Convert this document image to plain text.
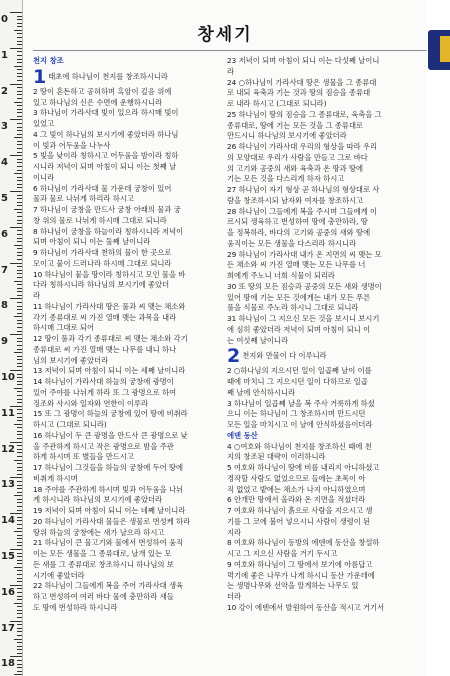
0
1
2
3
4
5
6
7
8
9
10
11
12
13
14
15
16
17
18
창세기
천지 창조
1 태초에 하나님이 천지를 창조하시니라
2 땅이 혼돈하고 공허하며 흑암이 깊음 위에
있고 하나님의 신은 수면에 운행하시니라
3 하나님이 가라사대 빛이 있으라 하시매 빛이
있었고
4 그 빛이 하나님의 보시기에 좋았더라 하나님
이 빛과 어두움을 나누사
5 빛을 낮이라 칭하시고 어두움을 밤이라 칭하
시니라 저녁이 되며 아침이 되니 이는 첫째 날
이니라
6 하나님이 가라사대 물 가운데 궁창이 있어
물과 물로 나뉘게 하리라 하시고
7 하나님이 궁창을 만드사 궁창 아래의 물과 궁
창 위의 물로 나뉘게 하시매 그대로 되니라
8 하나님이 궁창을 하늘이라 칭하시니라 저녁이
되며 아침이 되니 이는 둘째 날이니라
9 하나님이 가라사대 천하의 물이 한 곳으로
모이고 뭍이 드러나라 하시매 그대로 되니라
10 하나님이 뭍을 땅이라 칭하시고 모인 물을 바
다라 칭하시니라 하나님의 보시기에 좋았더
라
11 하나님이 가라사대 땅은 풀과 씨 맺는 채소와
각기 종류대로 씨 가진 열매 맺는 과목을 내라
하시매 그대로 되어
12 땅이 풀과 각기 종류대로 씨 맺는 채소와 각기
종류대로 씨 가진 열매 맺는 나무를 내니 하나
님의 보시기에 좋았더라
13 저녁이 되며 아침이 되니 이는 세째 날이니라
14 하나님이 가라사대 하늘의 궁창에 광명이
있어 주야를 나뉘게 하라 또 그 광명으로 하여
징조와 사시와 일자와 연한이 이루라
15 또 그 광명이 하늘의 궁창에 있어 땅에 비취라
하시고 (그대로 되니라)
16 하나님이 두 큰 광명을 만드사 큰 광명으로 낮
을 주관하게 하시고 작은 광명으로 밤을 주관
하게 하시며 또 별들을 만드시고
17 하나님이 그것들을 하늘의 궁창에 두어 땅에
비취게 하시며
18 주야를 주관하게 하시며 빛과 어두움을 나뉘
게 하시니라 하나님의 보시기에 좋았더라
19 저녁이 되며 아침이 되니 이는 네째 날이니라
20 하나님이 가라사대 물들은 생물로 번성케 하라
땅위 하늘의 궁창에는 새가 날으라 하시고
21 하나님이 큰 물고기와 물에서 번성하여 움직
이는 모든 생물을 그 종류대로, 날개 있는 모
든 새를 그 종류대로 창조하시니 하나님의 보
시기에 좋았더라
22 하나님이 그들에게 복을 주어 가라사대 생육
하고 번성하여 여러 바다 물에 충만하라 새들
도 땅에 번성하라 하시니라
23 저녁이 되며 아침이 되니 이는 다섯째 날이니
라
24 ○하나님이 가라사대 땅은 생물을 그 종류대
로 내되 육축과 기는 것과 땅의 짐승을 종류대
로 내라 하시고 (그대로 되니라)
25 하나님이 땅의 짐승을 그 종류대로, 육축을 그
종류대로, 땅에 기는 모든 것을 그 종류대로
만드시니 하나님의 보시기에 좋았더라
26 하나님이 가라사대 우리의 형상을 따라 우리
의 모양대로 우리가 사람을 만들고 그로 바다
의 고기와 공중의 새와 육축과 온 땅과 땅에
기는 모든 것을 다스리게 하자 하시고
27 하나님이 자기 형상 곧 하나님의 형상대로 사
람을 창조하시되 남자와 여자를 창조하시고
28 하나님이 그들에게 복을 주시며 그들에게 이
르시되 생육하고 번성하여 땅에 충만하라, 땅
을 정복하라, 바다의 고기와 공중의 새와 땅에
움직이는 모든 생물을 다스리라 하시니라
29 하나님이 가라사대 내가 온 지면의 씨 맺는 모
든 채소와 씨 가진 열매 맺는 모든 나무를 너
희에게 주노니 너희 식물이 되리라
30 또 땅의 모든 짐승과 공중의 모든 새와 생명이
있어 땅에 기는 모든 것에게는 내가 모든 푸른
풀을 식물로 주노라 하시니 그대로 되니라
31 하나님이 그 지으신 모든 것을 보시니 보시기
에 심히 좋았더라 저녁이 되며 아침이 되니 이
는 여섯째 날이니라
2 천지와 만물이 다 이루니라
2 ○하나님의 지으시던 일이 일곱째 날이 이를
때에 마치니 그 지으시던 일이 다하므로 일곱
째 날에 안식하시니라
3 하나님이 일곱째 날을 복 주사 거룩하게 하셨
으니 이는 하나님이 그 창조하시며 만드시던
모든 일을 마치시고 이 날에 안식하셨음이더라
에덴 동산
4 ○여호와 하나님이 천지를 창조하신 때에 천
지의 창조된 대략이 이러하니라
5 여호와 하나님이 땅에 비를 내리지 아니하셨고
경작할 사람도 없었으므로 들에는 초목이 아
직 없었고 밭에는 채소가 나지 아니하였으며
6 안개만 땅에서 올라와 온 지면을 적셨더라
7 여호와 하나님이 흙으로 사람을 지으시고 생
기를 그 코에 불어 넣으시니 사람이 생령이 된
지라
8 여호와 하나님이 동방의 에덴에 동산을 창설하
시고 그 지으신 사람을 거기 두시고
9 여호와 하나님이 그 땅에서 보기에 아름답고
먹기에 좋은 나무가 나게 하시니 동산 가운데에
는 생명나무와 선악을 알게하는 나무도 있
더라
10 강이 에덴에서 발원하여 동산을 적시고 거기서
